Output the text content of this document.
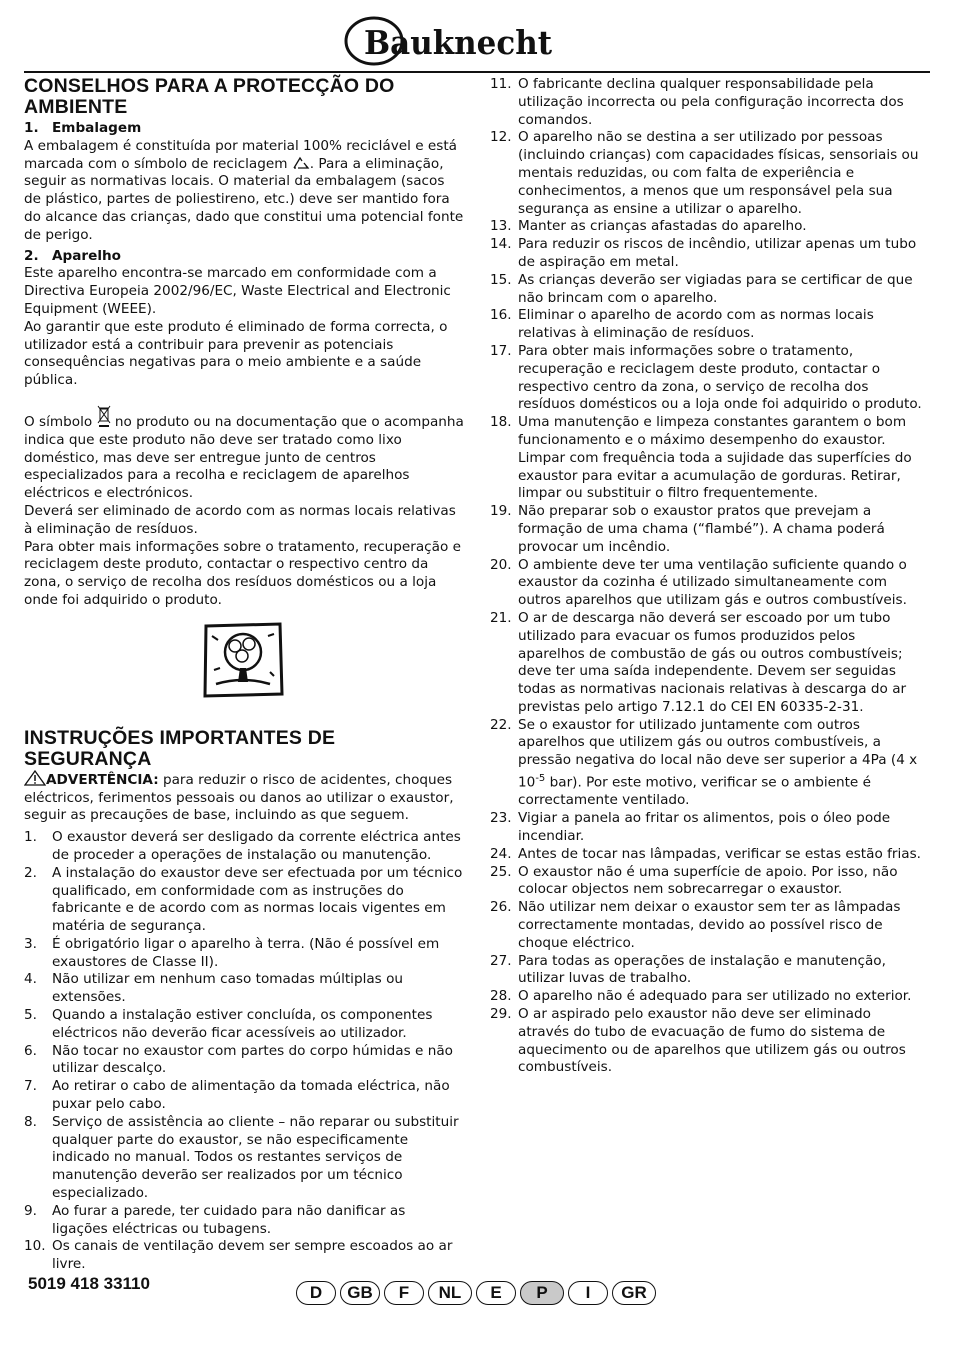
Bauknecht
CONSELHOS PARA A PROTECÇÃO DO AMBIENTE
1. Embalagem

A embalagem é constituída por material 100% reciclável e está marcada com o símbolo de reciclagem . Para a eliminação, seguir as normativas locais. O material da embalagem (sacos de plástico, partes de poliestireno, etc.) deve ser mantido fora do alcance das crianças, dado que constitui uma potencial fonte de perigo.

2. Aparelho

Este aparelho encontra-se marcado em conformidade com a Directiva Europeia 2002/96/EC, Waste Electrical and Electronic Equipment (WEEE).

Ao garantir que este produto é eliminado de forma correcta, o utilizador está a contribuir para prevenir as potenciais consequências negativas para o meio ambiente e a saúde pública.

O símbolo no produto ou na documentação que o acompanha indica que este produto não deve ser tratado como lixo doméstico, mas deve ser entregue junto de centros especializados para a recolha e reciclagem de aparelhos eléctricos e electrónicos.

Deverá ser eliminado de acordo com as normas locais relativas à eliminação de resíduos.

Para obter mais informações sobre o tratamento, recuperação e reciclagem deste produto, contactar o respectivo centro da zona, o serviço de recolha dos resíduos domésticos ou a loja onde foi adquirido o produto.

INSTRUÇÕES IMPORTANTES DE SEGURANÇA

ADVERTÊNCIA: para reduzir o risco de acidentes, choques eléctricos, ferimentos pessoais ou danos ao utilizar o exaustor, seguir as precauções de base, incluindo as que seguem.

1. O exaustor deverá ser desligado da corrente eléctrica antes de proceder a operações de instalação ou manutenção.
2. A instalação do exaustor deve ser efectuada por um técnico qualificado, em conformidade com as instruções do fabricante e de acordo com as normas locais vigentes em matéria de segurança.
3. É obrigatório ligar o aparelho à terra. (Não é possível em exaustores de Classe II).
4. Não utilizar em nenhum caso tomadas múltiplas ou extensões.
5. Quando a instalação estiver concluída, os componentes eléctricos não deverão ficar acessíveis ao utilizador.
6. Não tocar no exaustor com partes do corpo húmidas e não utilizar descalço.
7. Ao retirar o cabo de alimentação da tomada eléctrica, não puxar pelo cabo.
8. Serviço de assistência ao cliente – não reparar ou substituir qualquer parte do exaustor, se não especificamente indicado no manual. Todos os restantes serviços de manutenção deverão ser realizados por um técnico especializado.
9. Ao furar a parede, ter cuidado para não danificar as ligações eléctricas ou tubagens.
10. Os canais de ventilação devem ser sempre escoados ao ar livre.
11. O fabricante declina qualquer responsabilidade pela utilização incorrecta ou pela configuração incorrecta dos comandos.
12. O aparelho não se destina a ser utilizado por pessoas (incluindo crianças) com capacidades físicas, sensoriais ou mentais reduzidas, ou com falta de experiência e conhecimentos, a menos que um responsável pela sua segurança as ensine a utilizar o aparelho.
13. Manter as crianças afastadas do aparelho.
14. Para reduzir os riscos de incêndio, utilizar apenas um tubo de aspiração em metal.
15. As crianças deverão ser vigiadas para se certificar de que não brincam com o aparelho.
16. Eliminar o aparelho de acordo com as normas locais relativas à eliminação de resíduos.
17. Para obter mais informações sobre o tratamento, recuperação e reciclagem deste produto, contactar o respectivo centro da zona, o serviço de recolha dos resíduos domésticos ou a loja onde foi adquirido o produto.
18. Uma manutenção e limpeza constantes garantem o bom funcionamento e o máximo desempenho do exaustor. Limpar com frequência toda a sujidade das superfícies do exaustor para evitar a acumulação de gorduras. Retirar, limpar ou substituir o filtro frequentemente.
19. Não preparar sob o exaustor pratos que prevejam a formação de uma chama (“flambé”). A chama poderá provocar um incêndio.
20. O ambiente deve ter uma ventilação suficiente quando o exaustor da cozinha é utilizado simultaneamente com outros aparelhos que utilizam gás e outros combustíveis.
21. O ar de descarga não deverá ser escoado por um tubo utilizado para evacuar os fumos produzidos pelos aparelhos de combustão de gás ou outros combustíveis; deve ter uma saída independente. Devem ser seguidas todas as normativas nacionais relativas à descarga do ar previstas pelo artigo 7.12.1 do CEI EN 60335-2-31.
22. Se o exaustor for utilizado juntamente com outros aparelhos que utilizem gás ou outros combustíveis, a pressão negativa do local não deve ser superior a 4Pa (4 x $10^{-5}$ bar). Por este motivo, verificar se o ambiente é correctamente ventilado.
23. Vigiar a panela ao fritar os alimentos, pois o óleo pode incendiar.
24. Antes de tocar nas lâmpadas, verificar se estas estão frias.
25. O exaustor não é uma superfície de apoio. Por isso, não colocar objectos nem sobrecarregar o exaustor.
26. Não utilizar nem deixar o exaustor sem ter as lâmpadas correctamente montadas, devido ao possível risco de choque eléctrico.
27. Para todas as operações de instalação e manutenção, utilizar luvas de trabalho.
28. O aparelho não é adequado para ser utilizado no exterior.
29. O ar aspirado pelo exaustor não deve ser eliminado através do tubo de evacuação de fumo do sistema de aquecimento ou de aparelhos que utilizem gás ou outros combustíveis.
5019 418 33110	D	GB	F	NL	E	P	I	GR
